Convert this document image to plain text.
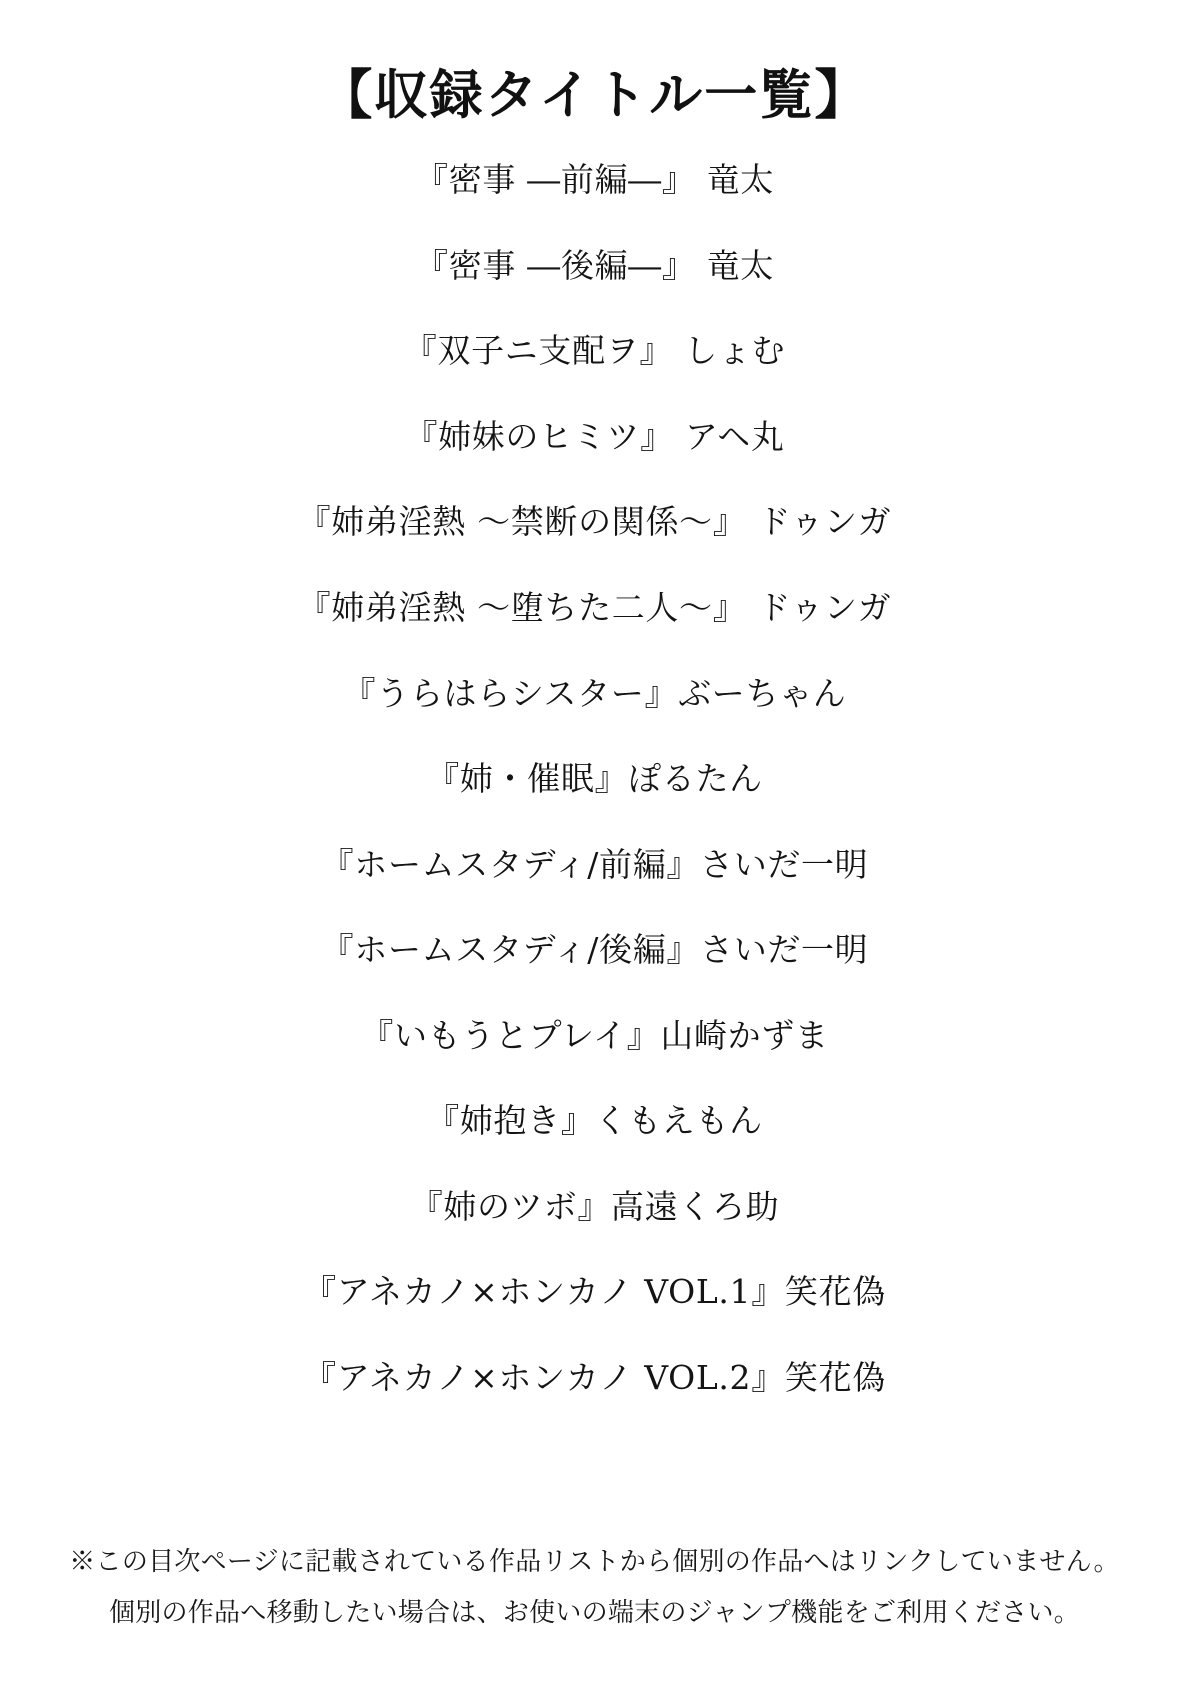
【収録タイトル一覧】
『密事 ―前編―』 竜太
『密事 ―後編―』 竜太
『双子ニ支配ヲ』 しょむ
『姉妹のヒミツ』 アヘ丸
『姉弟淫熱 〜禁断の関係〜』 ドゥンガ
『姉弟淫熱 〜堕ちた二人〜』 ドゥンガ
『うらはらシスター』ぶーちゃん
『姉・催眠』ぽるたん
『ホームスタディ/前編』さいだ一明
『ホームスタディ/後編』さいだ一明
『いもうとプレイ』山崎かずま
『姉抱き』くもえもん
『姉のツボ』高遠くろ助
『アネカノ×ホンカノ VOL.1』笑花偽
『アネカノ×ホンカノ VOL.2』笑花偽
※この目次ページに記載されている作品リストから個別の作品へはリンクしていません。
個別の作品へ移動したい場合は、お使いの端末のジャンプ機能をご利用ください。
